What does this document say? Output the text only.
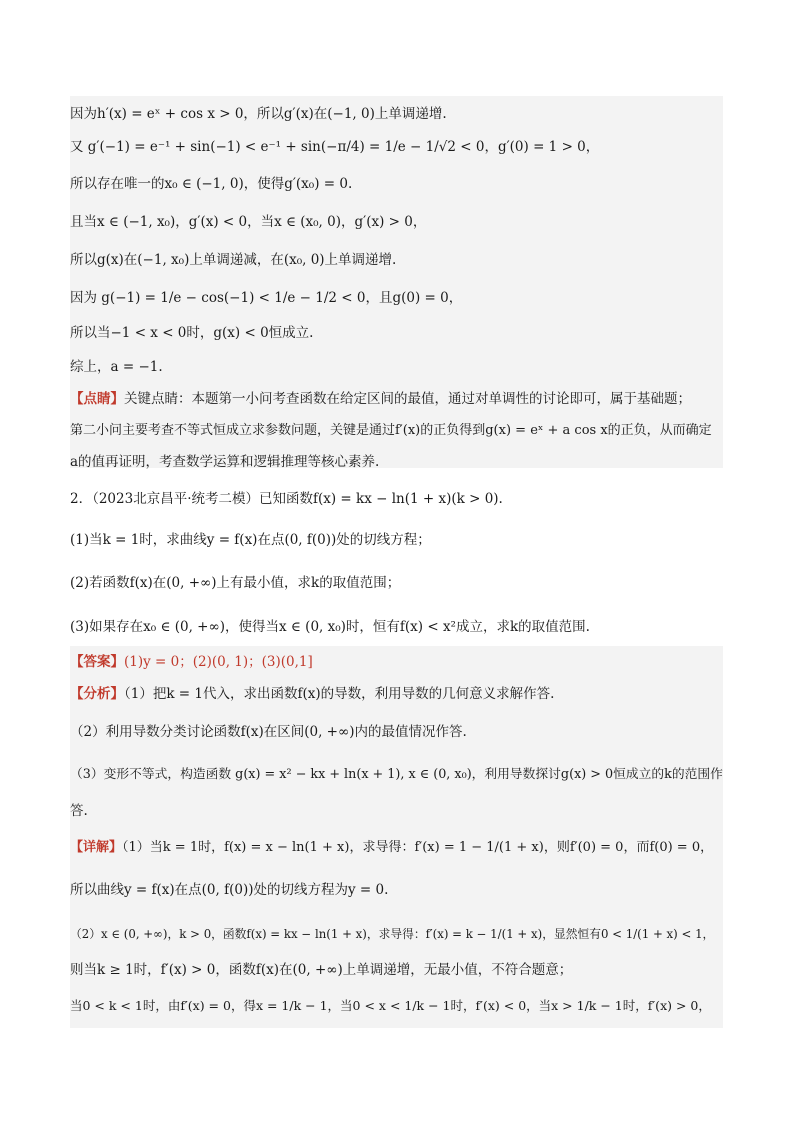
因为h′(x) = eˣ + cos x > 0，所以g′(x)在(−1, 0)上单调递增.
又 g′(−1) = e⁻¹ + sin(−1) < e⁻¹ + sin(−π/4) = 1/e − 1/√2 < 0，g′(0) = 1 > 0，
所以存在唯一的x₀ ∈ (−1, 0)，使得g′(x₀) = 0.
且当x ∈ (−1, x₀)，g′(x) < 0，当x ∈ (x₀, 0)，g′(x) > 0，
所以g(x)在(−1, x₀)上单调递减，在(x₀, 0)上单调递增.
因为 g(−1) = 1/e − cos(−1) < 1/e − 1/2 < 0，且g(0) = 0，
所以当−1 < x < 0时，g(x) < 0恒成立.
综上，a = −1.
【点睛】关键点睛：本题第一小问考查函数在给定区间的最值，通过对单调性的讨论即可，属于基础题；
第二小问主要考查不等式恒成立求参数问题，关键是通过f′(x)的正负得到g(x) = eˣ + a cos x的正负，从而确定
a的值再证明，考查数学运算和逻辑推理等核心素养.
2．（2023北京昌平·统考二模）已知函数f(x) = kx − ln(1 + x)(k > 0).
(1)当k = 1时，求曲线y = f(x)在点(0, f(0))处的切线方程；
(2)若函数f(x)在(0, +∞)上有最小值，求k的取值范围；
(3)如果存在x₀ ∈ (0, +∞)，使得当x ∈ (0, x₀)时，恒有f(x) < x²成立，求k的取值范围.
【答案】(1)y = 0；(2)(0, 1)；(3)(0,1]
【分析】（1）把k = 1代入，求出函数f(x)的导数，利用导数的几何意义求解作答.
（2）利用导数分类讨论函数f(x)在区间(0, +∞)内的最值情况作答.
（3）变形不等式，构造函数 g(x) = x² − kx + ln(x + 1), x ∈ (0, x₀)，利用导数探讨g(x) > 0恒成立的k的范围作
答.
【详解】（1）当k = 1时，f(x) = x − ln(1 + x)，求导得：f′(x) = 1 − 1/(1 + x)，则f′(0) = 0，而f(0) = 0，
所以曲线y = f(x)在点(0, f(0))处的切线方程为y = 0.
（2）x ∈ (0, +∞)，k > 0，函数f(x) = kx − ln(1 + x)，求导得：f′(x) = k − 1/(1 + x)，显然恒有0 < 1/(1 + x) < 1，
则当k ≥ 1时，f′(x) > 0，函数f(x)在(0, +∞)上单调递增，无最小值，不符合题意；
当0 < k < 1时，由f′(x) = 0，得x = 1/k − 1，当0 < x < 1/k − 1时，f′(x) < 0，当x > 1/k − 1时，f′(x) > 0，
